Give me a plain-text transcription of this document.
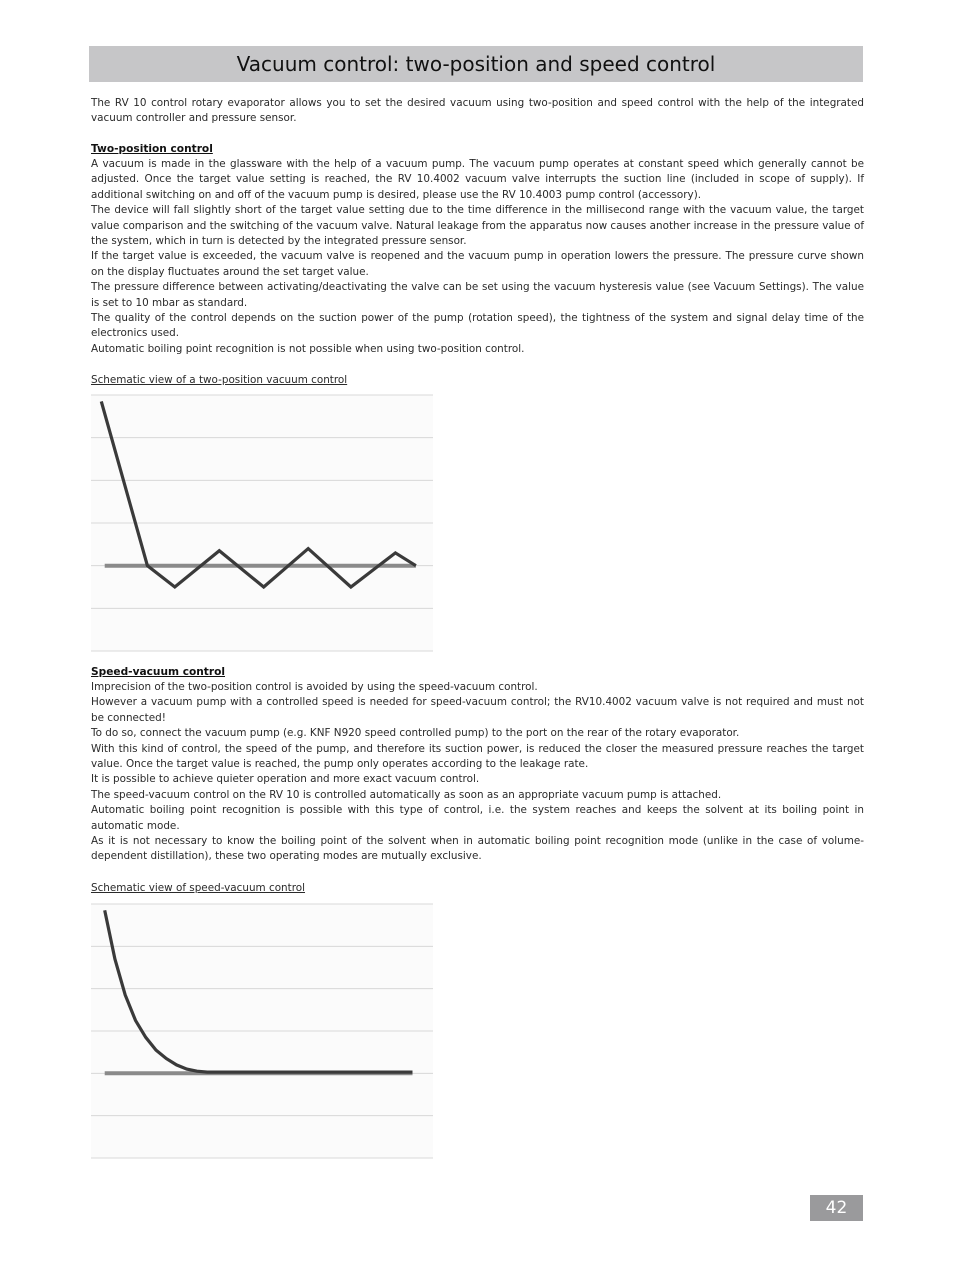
Vacuum control: two-position and speed control
The RV 10 control rotary evaporator allows you to set the desired vacuum using two-position and speed control with the help of the integrated vacuum controller and pressure sensor.
Two-position control

A vacuum is made in the glassware with the help of a vacuum pump. The vacuum pump operates at constant speed which generally cannot be adjusted. Once the target value setting is reached, the RV 10.4002 vacuum valve interrupts the suction line (included in scope of supply). If additional switching on and off of the vacuum pump is desired, please use the RV 10.4003 pump control (accessory).

The device will fall slightly short of the target value setting due to the time difference in the millisecond range with the vacuum value, the target value comparison and the switching of the vacuum valve. Natural leakage from the apparatus now causes another increase in the pressure value of the system, which in turn is detected by the integrated pressure sensor.

If the target value is exceeded, the vacuum valve is reopened and the vacuum pump in operation lowers the pressure. The pressure curve shown on the display fluctuates around the set target value.

The pressure difference between activating/deactivating the valve can be set using the vacuum hysteresis value (see Vacuum Settings). The value is set to 10 mbar as standard.

The quality of the control depends on the suction power of the pump (rotation speed), the tightness of the system and signal delay time of the electronics used.

Automatic boiling point recognition is not possible when using two-position control.

Schematic view of a two-position vacuum control
Speed-vacuum control

Imprecision of the two-position control is avoided by using the speed-vacuum control.

However a vacuum pump with a controlled speed is needed for speed-vacuum control; the RV10.4002 vacuum valve is not required and must not be connected!

To do so, connect the vacuum pump (e.g. KNF N920 speed controlled pump) to the port on the rear of the rotary evaporator.

With this kind of control, the speed of the pump, and therefore its suction power, is reduced the closer the measured pressure reaches the target value. Once the target value is reached, the pump only operates according to the leakage rate.

It is possible to achieve quieter operation and more exact vacuum control.

The speed-vacuum control on the RV 10 is controlled automatically as soon as an appropriate vacuum pump is attached.

Automatic boiling point recognition is possible with this type of control, i.e. the system reaches and keeps the solvent at its boiling point in automatic mode.

As it is not necessary to know the boiling point of the solvent when in automatic boiling point recognition mode (unlike in the case of volume-dependent distillation), these two operating modes are mutually exclusive.

Schematic view of speed-vacuum control
42
